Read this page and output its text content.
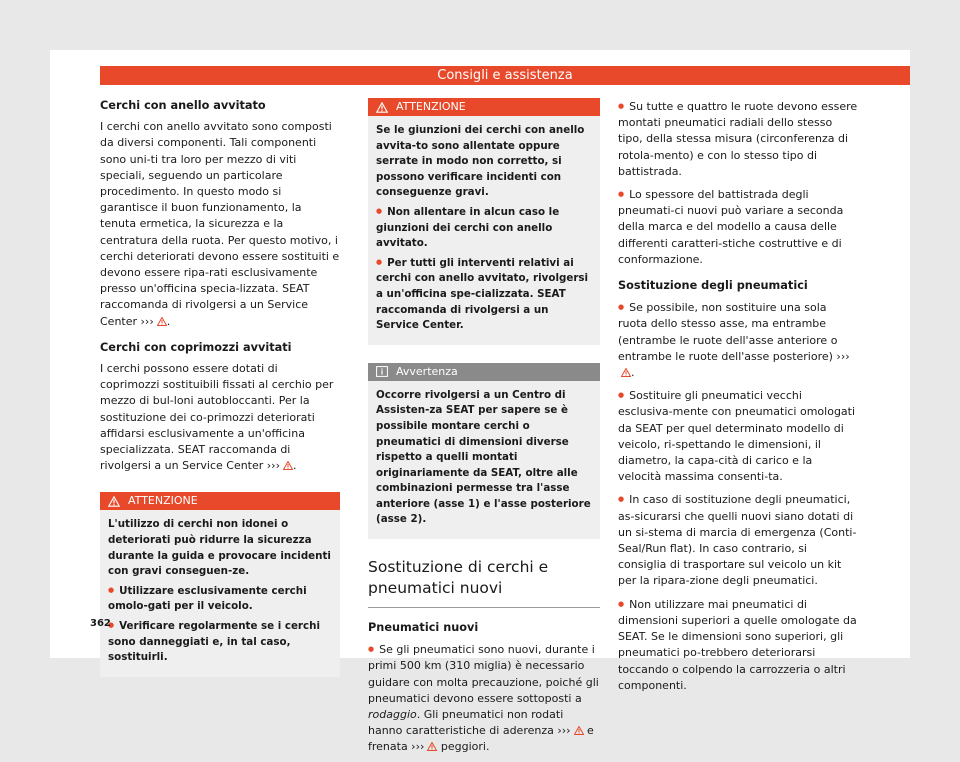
Consigli e assistenza
Cerchi con anello avvitato

I cerchi con anello avvitato sono composti da diversi componenti. Tali componenti sono uni-ti tra loro per mezzo di viti speciali, seguendo un particolare procedimento. In questo modo si garantisce il buon funzionamento, la tenuta ermetica, la sicurezza e la centratura della ruota. Per questo motivo, i cerchi deteriorati devono essere sostituiti e devono essere ripa-rati esclusivamente presso un'officina specia-lizzata. SEAT raccomanda di rivolgersi a un Service Center ››› .

Cerchi con coprimozzi avvitati

I cerchi possono essere dotati di coprimozzi sostituibili fissati al cerchio per mezzo di bul-loni autobloccanti. Per la sostituzione dei co-primozzi deteriorati affidarsi esclusivamente a un'officina specializzata. SEAT raccomanda di rivolgersi a un Service Center ››› .

ATTENZIONE

L'utilizzo di cerchi non idonei o deteriorati può ridurre la sicurezza durante la guida e provocare incidenti con gravi conseguen-ze.

● Utilizzare esclusivamente cerchi omolo-gati per il veicolo.

● Verificare regolarmente se i cerchi sono danneggiati e, in tal caso, sostituirli.

ATTENZIONE

Se le giunzioni dei cerchi con anello avvita-to sono allentate oppure serrate in modo non corretto, si possono verificare incidenti con conseguenze gravi.

● Non allentare in alcun caso le giunzioni dei cerchi con anello avvitato.

● Per tutti gli interventi relativi ai cerchi con anello avvitato, rivolgersi a un'officina spe-cializzata. SEAT raccomanda di rivolgersi a un Service Center.

Avvertenza

Occorre rivolgersi a un Centro di Assisten-za SEAT per sapere se è possibile montare cerchi o pneumatici di dimensioni diverse rispetto a quelli montati originariamente da SEAT, oltre alle combinazioni permesse tra l'asse anteriore (asse 1) e l'asse posteriore (asse 2).

Sostituzione di cerchi e pneumatici nuovi
Pneumatici nuovi

● Se gli pneumatici sono nuovi, durante i primi 500 km (310 miglia) è necessario guidare con molta precauzione, poiché gli pneumatici devono essere sottoposti a rodaggio. Gli pneumatici non rodati hanno caratteristiche di aderenza ››› e frenata ››› peggiori.

● Su tutte e quattro le ruote devono essere montati pneumatici radiali dello stesso tipo, della stessa misura (circonferenza di rotola-mento) e con lo stesso tipo di battistrada.

● Lo spessore del battistrada degli pneumati-ci nuovi può variare a seconda della marca e del modello a causa delle differenti caratteri-stiche costruttive e di conformazione.

Sostituzione degli pneumatici

● Se possibile, non sostituire una sola ruota dello stesso asse, ma entrambe (entrambe le ruote dell'asse anteriore o entrambe le ruote dell'asse posteriore) ›››.

● Sostituire gli pneumatici vecchi esclusiva-mente con pneumatici omologati da SEAT per quel determinato modello di veicolo, ri-spettando le dimensioni, il diametro, la capa-cità di carico e la velocità massima consenti-ta.

● In caso di sostituzione degli pneumatici, as-sicurarsi che quelli nuovi siano dotati di un si-stema di marcia di emergenza (Conti-Seal/Run flat). In caso contrario, si consiglia di trasportare sul veicolo un kit per la ripara-zione degli pneumatici.

● Non utilizzare mai pneumatici di dimensioni superiori a quelle omologate da SEAT. Se le dimensioni sono superiori, gli pneumatici po-trebbero deteriorarsi toccando o colpendo la carrozzeria o altri componenti.

362
